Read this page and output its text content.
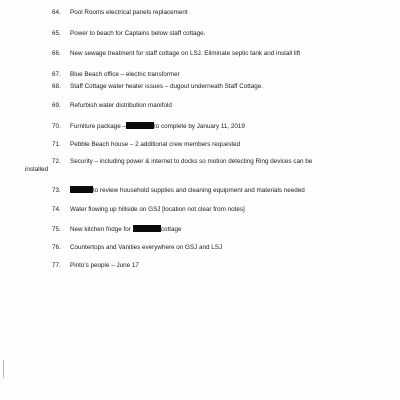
64. Pool Rooms electrical panels replacement
65. Power to beach for Captains below staff cottage.
66. New sewage treatment for staff cottage on LSJ. Eliminate septic tank and install lift
67. Blue Beach office – electric transformer
68. Staff Cottage water heater issues – dugout underneath Staff Cottage.
69. Refurbish water distribution manifold
70. Furniture package –	to complete by January 11, 2019
71. Pebble Beach house – 2 additional crew members requested
72. Security – including power & internet to docks so motion detecting Ring devices can be
installed
73.	to review household supplies and cleaning equipment and materials needed
74. Water flowing up hillside on GSJ [location not clear from notes]
75. New kitchen fridge for	cottage
76. Countertops and Vanities everywhere on GSJ and LSJ
77. Pinto’s people – June 17
